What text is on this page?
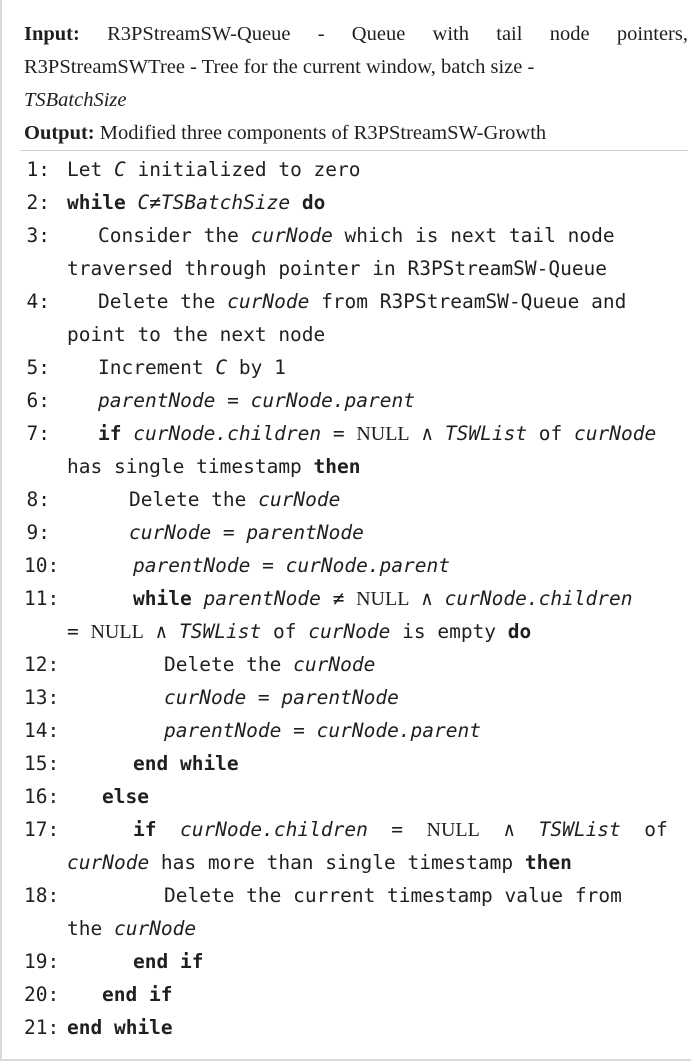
Input: R3PStreamSW-Queue - Queue with tail node pointers, R3PStreamSWTree - Tree for the current window, batch size -
TSBatchSize

Output: Modified three components of R3PStreamSW-Growth

1: Let C initialized to zero
2: while C≠TSBatchSize do
3:	Consider the curNode which is next tail node
traversed through pointer in R3PStreamSW-Queue
4:	Delete the curNode from R3PStreamSW-Queue and
point to the next node
5:	Increment C by 1
6:	parentNode = curNode.parent
7:	if curNode.children = NULL ∧ TSWList of curNode
has single timestamp then
8:	Delete the curNode
9:	curNode = parentNode
10:	parentNode = curNode.parent
11:	while parentNode ≠ NULL ∧ curNode.children
= NULL ∧ TSWList of curNode is empty do
12:	Delete the curNode
13:	curNode = parentNode
14:	parentNode = curNode.parent
15:	end while
16:	else
17:	if curNode.children  =  NULL  ∧  TSWList  of
curNode has more than single timestamp then
18:	Delete the current timestamp value from
the curNode
19:	end if
20:	end if
21: end while
